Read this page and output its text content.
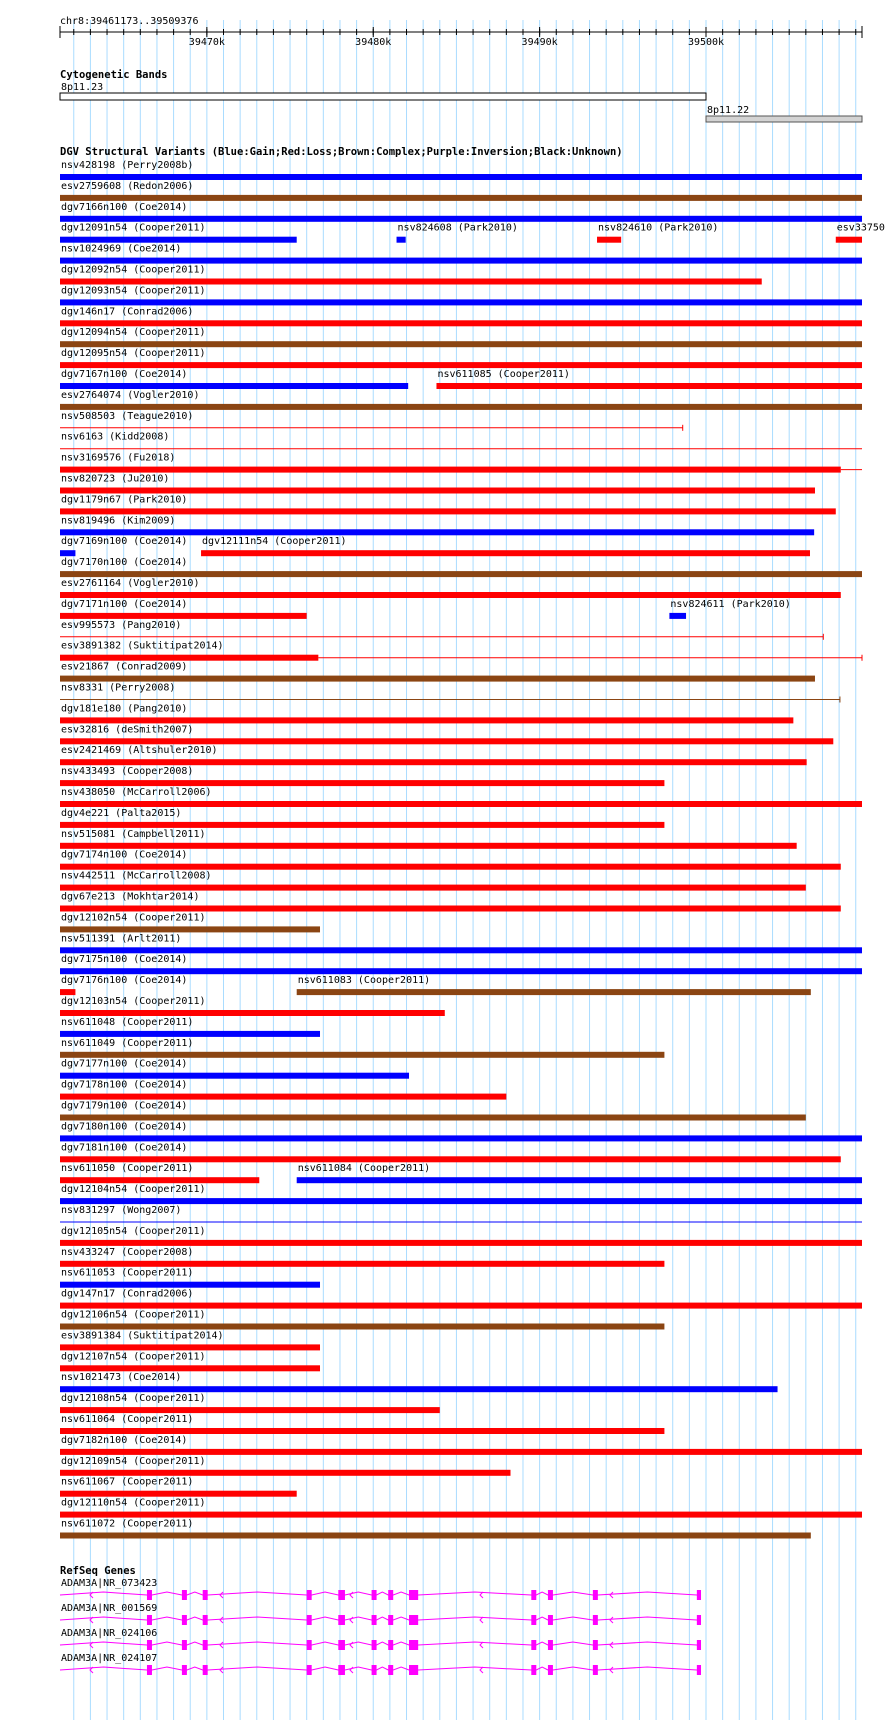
chr8:39461173..39509376
39470k	39480k	39490k	39500k
Cytogenetic Bands
8p11.23
8p11.22
DGV Structural Variants (Blue:Gain;Red:Loss;Brown:Complex;Purple:Inversion;Black:Unknown)
nsv428198 (Perry2008b)
esv2759608 (Redon2006)
dgv7166n100 (Coe2014)
dgv12091n54 (Cooper2011)	nsv824608 (Park2010)	nsv824610 (Park2010)	esv33750
nsv1024969 (Coe2014)
dgv12092n54 (Cooper2011)
dgv12093n54 (Cooper2011)
dgv146n17 (Conrad2006)
dgv12094n54 (Cooper2011)
dgv12095n54 (Cooper2011)
dgv7167n100 (Coe2014)	nsv611085 (Cooper2011)
esv2764074 (Vogler2010)
nsv508503 (Teague2010)
nsv6163 (Kidd2008)
nsv3169576 (Fu2018)
nsv820723 (Ju2010)
dgv1179n67 (Park2010)
nsv819496 (Kim2009)
dgv7169n100 (Coe2014) dgv12111n54 (Cooper2011)
dgv7170n100 (Coe2014)
esv2761164 (Vogler2010)
dgv7171n100 (Coe2014)	nsv824611 (Park2010)
esv995573 (Pang2010)
esv3891382 (Suktitipat2014)
esv21867 (Conrad2009)
nsv8331 (Perry2008)
dgv181e180 (Pang2010)
esv32816 (deSmith2007)
esv2421469 (Altshuler2010)
nsv433493 (Cooper2008)
nsv438050 (McCarroll2006)
dgv4e221 (Palta2015)
nsv515081 (Campbell2011)
dgv7174n100 (Coe2014)
nsv442511 (McCarroll2008)
dgv67e213 (Mokhtar2014)
dgv12102n54 (Cooper2011)
nsv511391 (Arlt2011)
dgv7175n100 (Coe2014)
dgv7176n100 (Coe2014)	nsv611083 (Cooper2011)
dgv12103n54 (Cooper2011)
nsv611048 (Cooper2011)
nsv611049 (Cooper2011)
dgv7177n100 (Coe2014)
dgv7178n100 (Coe2014)
dgv7179n100 (Coe2014)
dgv7180n100 (Coe2014)
dgv7181n100 (Coe2014)
nsv611050 (Cooper2011)	nsv611084 (Cooper2011)
dgv12104n54 (Cooper2011)
nsv831297 (Wong2007)
dgv12105n54 (Cooper2011)
nsv433247 (Cooper2008)
nsv611053 (Cooper2011)
dgv147n17 (Conrad2006)
dgv12106n54 (Cooper2011)
esv3891384 (Suktitipat2014)
dgv12107n54 (Cooper2011)
nsv1021473 (Coe2014)
dgv12108n54 (Cooper2011)
nsv611064 (Cooper2011)
dgv7182n100 (Coe2014)
dgv12109n54 (Cooper2011)
nsv611067 (Cooper2011)
dgv12110n54 (Cooper2011)
nsv611072 (Cooper2011)
RefSeq Genes
ADAM3A|NR_073423
ADAM3A|NR_001569
ADAM3A|NR_024106
ADAM3A|NR_024107
